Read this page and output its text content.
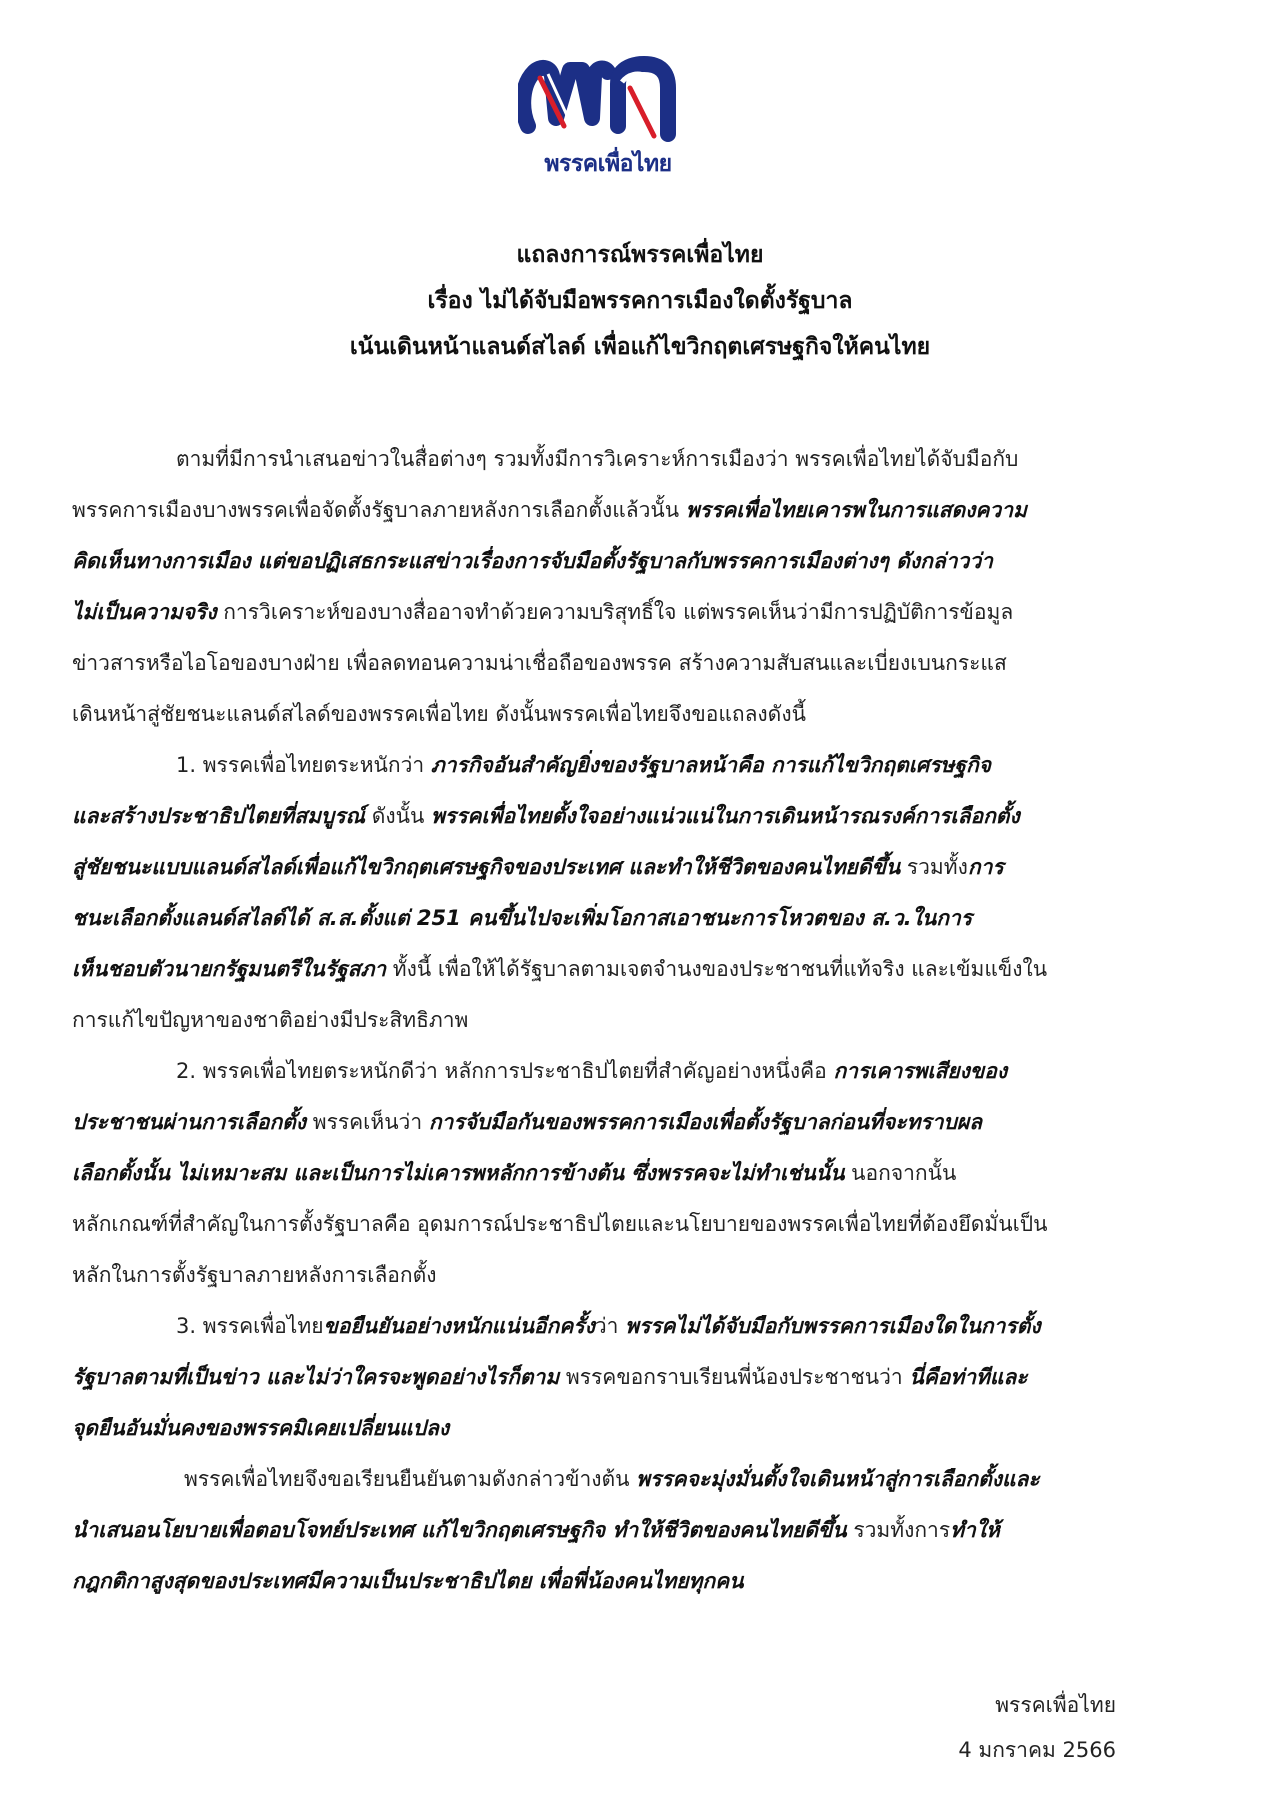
พรรคเพื่อไทย
แถลงการณ์พรรคเพื่อไทย
เรื่อง ไม่ได้จับมือพรรคการเมืองใดตั้งรัฐบาล
เน้นเดินหน้าแลนด์สไลด์ เพื่อแก้ไขวิกฤตเศรษฐกิจให้คนไทย
ตามที่มีการนำเสนอข่าวในสื่อต่างๆ รวมทั้งมีการวิเคราะห์การเมืองว่า พรรคเพื่อไทยได้จับมือกับ
พรรคการเมืองบางพรรคเพื่อจัดตั้งรัฐบาลภายหลังการเลือกตั้งแล้วนั้น พรรคเพื่อไทยเคารพในการแสดงความ
คิดเห็นทางการเมือง แต่ขอปฏิเสธกระแสข่าวเรื่องการจับมือตั้งรัฐบาลกับพรรคการเมืองต่างๆ ดังกล่าวว่า
ไม่เป็นความจริง การวิเคราะห์ของบางสื่ออาจทำด้วยความบริสุทธิ์ใจ แต่พรรคเห็นว่ามีการปฏิบัติการข้อมูล
ข่าวสารหรือไอโอของบางฝ่าย เพื่อลดทอนความน่าเชื่อถือของพรรค สร้างความสับสนและเบี่ยงเบนกระแส
เดินหน้าสู่ชัยชนะแลนด์สไลด์ของพรรคเพื่อไทย ดังนั้นพรรคเพื่อไทยจึงขอแถลงดังนี้
1. พรรคเพื่อไทยตระหนักว่า ภารกิจอันสำคัญยิ่งของรัฐบาลหน้าคือ การแก้ไขวิกฤตเศรษฐกิจ
และสร้างประชาธิปไตยที่สมบูรณ์ ดังนั้น พรรคเพื่อไทยตั้งใจอย่างแน่วแน่ในการเดินหน้ารณรงค์การเลือกตั้ง
สู่ชัยชนะแบบแลนด์สไลด์เพื่อแก้ไขวิกฤตเศรษฐกิจของประเทศ และทำให้ชีวิตของคนไทยดีขึ้น รวมทั้งการ
ชนะเลือกตั้งแลนด์สไลด์ได้ ส.ส.ตั้งแต่ 251 คนขึ้นไปจะเพิ่มโอกาสเอาชนะการโหวตของ ส.ว.ในการ
เห็นชอบตัวนายกรัฐมนตรีในรัฐสภา ทั้งนี้ เพื่อให้ได้รัฐบาลตามเจตจำนงของประชาชนที่แท้จริง และเข้มแข็งใน
การแก้ไขปัญหาของชาติอย่างมีประสิทธิภาพ
2. พรรคเพื่อไทยตระหนักดีว่า หลักการประชาธิปไตยที่สำคัญอย่างหนึ่งคือ การเคารพเสียงของ
ประชาชนผ่านการเลือกตั้ง พรรคเห็นว่า การจับมือกันของพรรคการเมืองเพื่อตั้งรัฐบาลก่อนที่จะทราบผล
เลือกตั้งนั้น ไม่เหมาะสม และเป็นการไม่เคารพหลักการข้างต้น ซึ่งพรรคจะไม่ทำเช่นนั้น นอกจากนั้น
หลักเกณฑ์ที่สำคัญในการตั้งรัฐบาลคือ อุดมการณ์ประชาธิปไตยและนโยบายของพรรคเพื่อไทยที่ต้องยึดมั่นเป็น
หลักในการตั้งรัฐบาลภายหลังการเลือกตั้ง
3. พรรคเพื่อไทยขอยืนยันอย่างหนักแน่นอีกครั้งว่า พรรคไม่ได้จับมือกับพรรคการเมืองใดในการตั้ง
รัฐบาลตามที่เป็นข่าว และไม่ว่าใครจะพูดอย่างไรก็ตาม พรรคขอกราบเรียนพี่น้องประชาชนว่า นี่คือท่าทีและ
จุดยืนอันมั่นคงของพรรคมิเคยเปลี่ยนแปลง
พรรคเพื่อไทยจึงขอเรียนยืนยันตามดังกล่าวข้างต้น พรรคจะมุ่งมั่นตั้งใจเดินหน้าสู่การเลือกตั้งและ
นำเสนอนโยบายเพื่อตอบโจทย์ประเทศ แก้ไขวิกฤตเศรษฐกิจ ทำให้ชีวิตของคนไทยดีขึ้น รวมทั้งการทำให้
กฎกติกาสูงสุดของประเทศมีความเป็นประชาธิปไตย เพื่อพี่น้องคนไทยทุกคน
พรรคเพื่อไทย
4 มกราคม 2566
